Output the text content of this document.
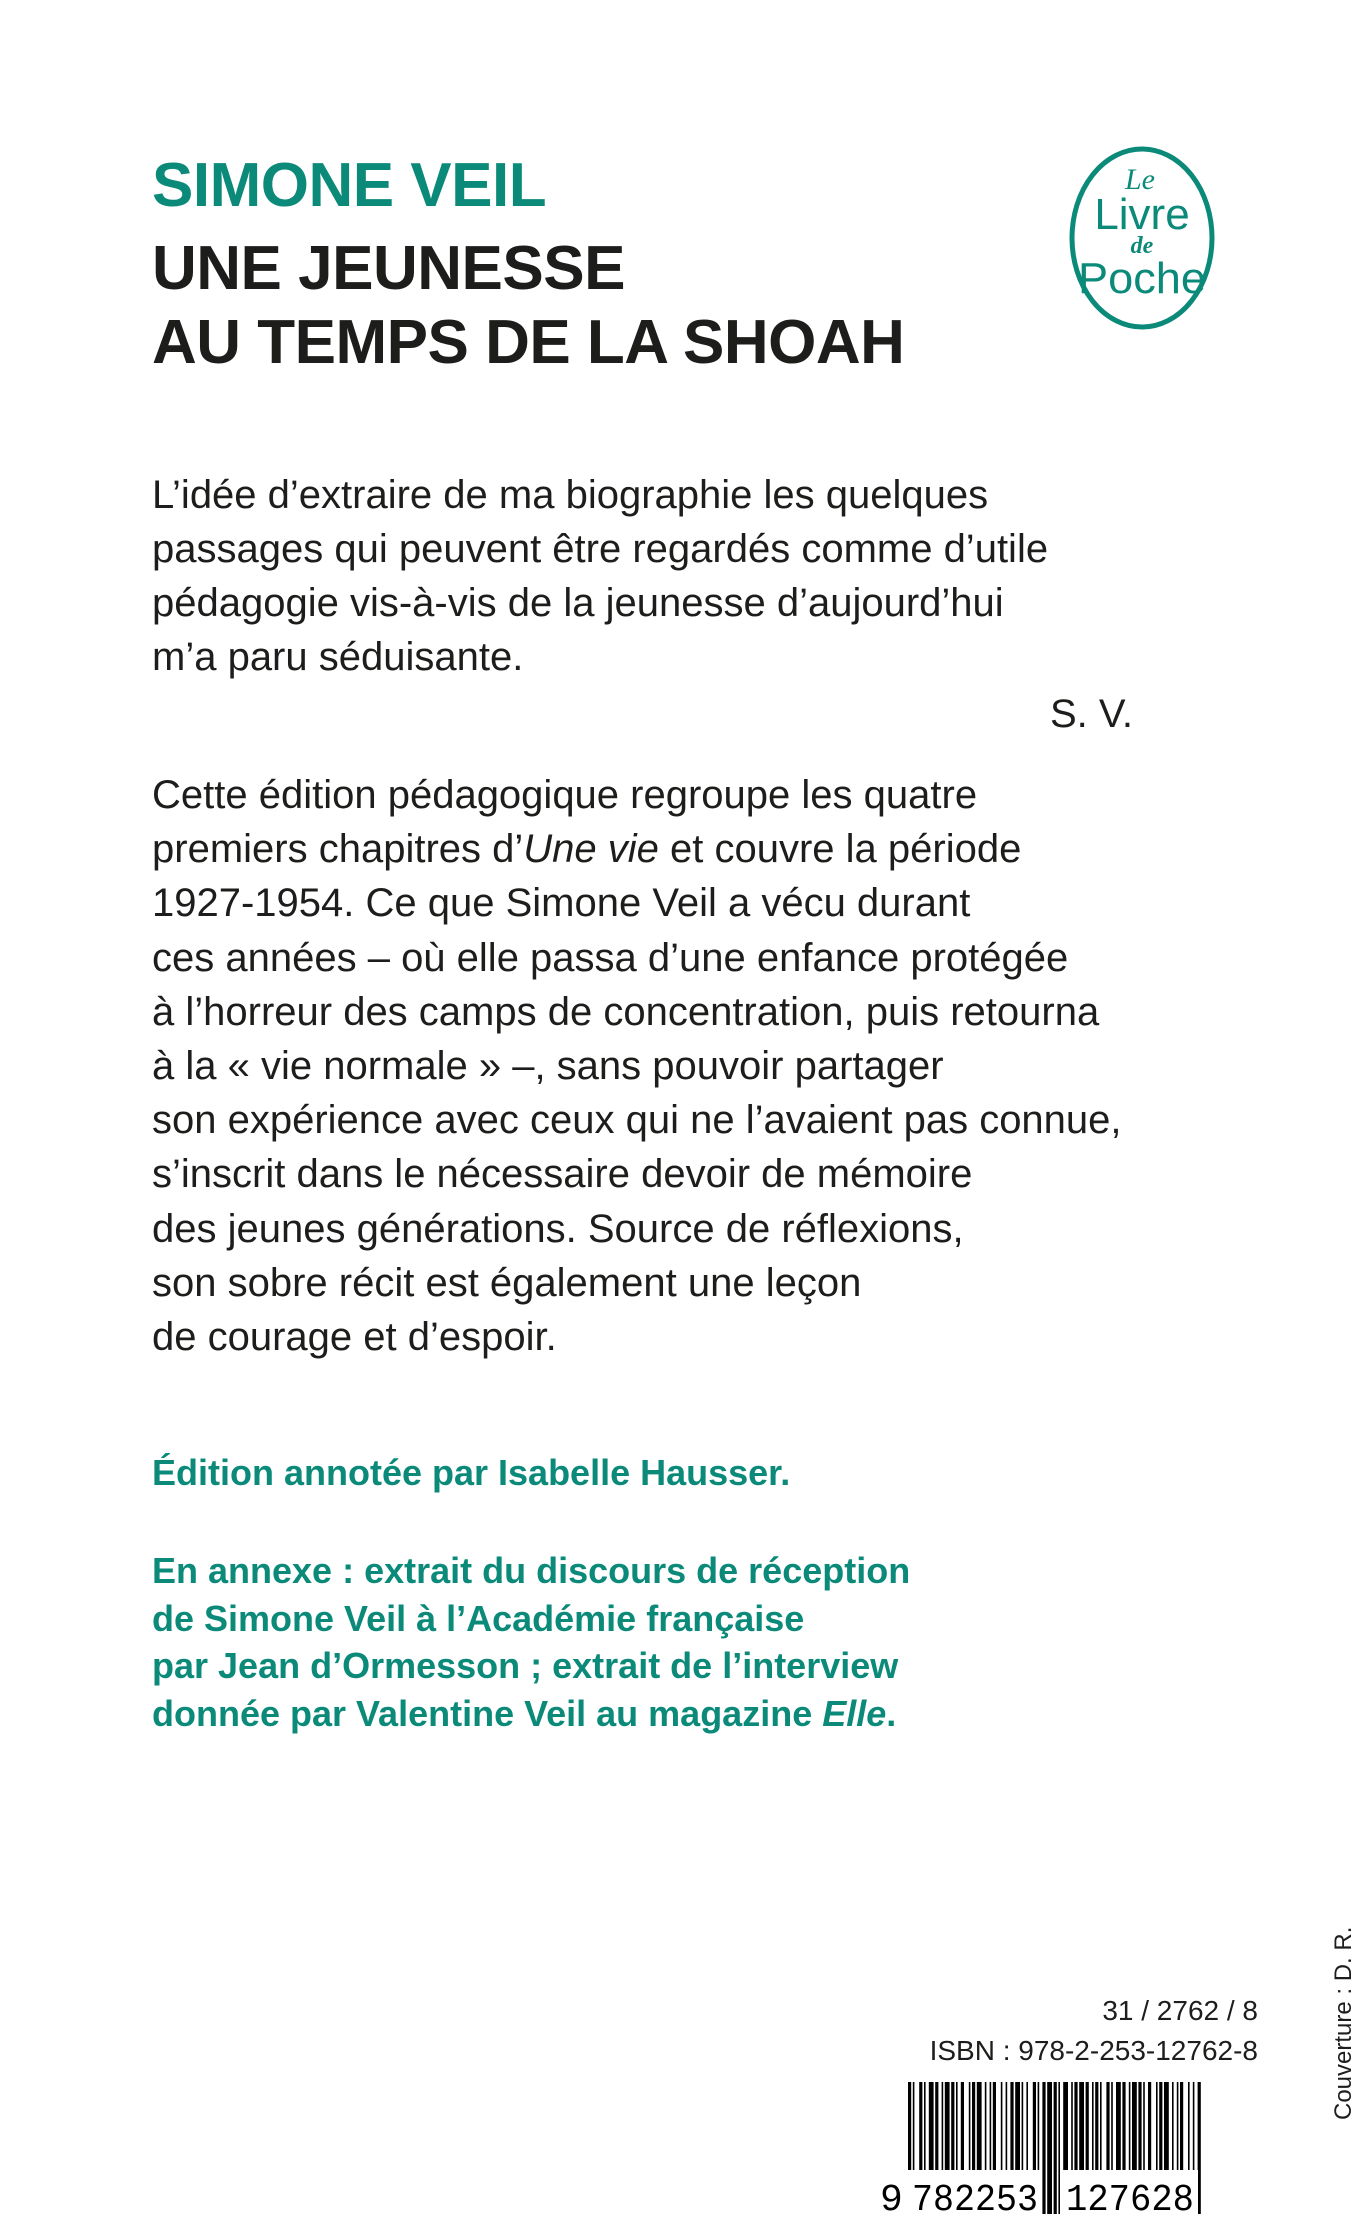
SIMONE VEIL
UNE JEUNESSE
AU TEMPS DE LA SHOAH
Le
Livre
de
Poche

L’idée d’extraire de ma biographie les quelques
passages qui peuvent être regardés comme d’utile
pédagogie vis-à-vis de la jeunesse d’aujourd’hui
m’a paru séduisante.

S. V.

Cette édition pédagogique regroupe les quatre
premiers chapitres d’Une vie et couvre la période
1927-1954. Ce que Simone Veil a vécu durant
ces années – où elle passa d’une enfance protégée
à l’horreur des camps de concentration, puis retourna
à la « vie normale » –, sans pouvoir partager
son expérience avec ceux qui ne l’avaient pas connue,
s’inscrit dans le nécessaire devoir de mémoire
des jeunes générations. Source de réflexions,
son sobre récit est également une leçon
de courage et d’espoir.

Édition annotée par Isabelle Hausser.

En annexe : extrait du discours de réception
de Simone Veil à l’Académie française
par Jean d’Ormesson ; extrait de l’interview
donnée par Valentine Veil au magazine Elle.

31 / 2762 / 8
ISBN : 978-2-253-12762-8
9 782253 127628
Couverture : D. R.
